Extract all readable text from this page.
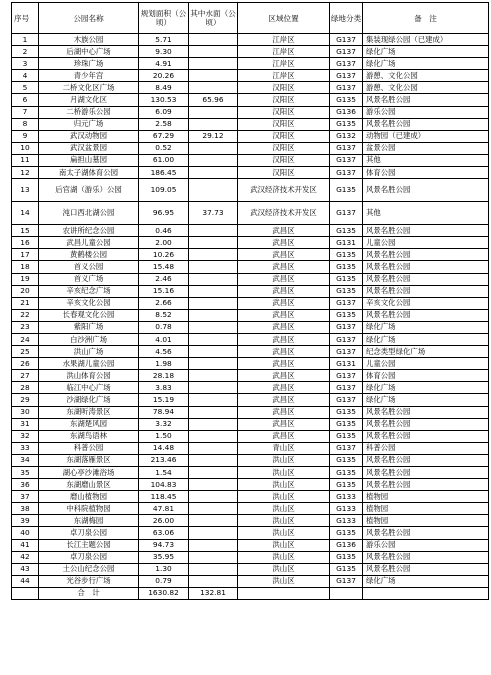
序号	公园名称	规划面积（公顷）	其中水面（公顷）	区域位置	绿地分类	备　注
1	木族公园	5.71		江岸区	G137	集装现绿公园（已建成）
2	后湖中心广场	9.30		江岸区	G137	绿化广场
3	珍珠广场	4.91		江岸区	G137	绿化广场
4	青少年宫	20.26		江岸区	G137	游憩、文化公园
5	二桥文化区广场	8.49		汉阳区	G137	游憩、文化公园
6	月湖文化区	130.53	65.96	汉阳区	G135	风景名胜公园
7	二桥游乐公园	6.09		汉阳区	G136	游乐公园
8	归元广场	2.58		汉阳区	G135	风景名胜公园
9	武汉动物园	67.29	29.12	汉阳区	G132	动物园（已建成）
10	武汉盆景园	0.52		汉阳区	G137	盆景公园
11	扁担山墓园	61.00		汉阳区	G137	其他
12	南太子湖体育公园	186.45		汉阳区	G137	体育公园
13	后官湖（游乐）公园	109.05		武汉经济技术开发区	G135	风景名胜公园
14	沌口西北湖公园	96.95	37.73	武汉经济技术开发区	G137	其他
15	农讲所纪念公园	0.46		武昌区	G135	风景名胜公园
16	武昌儿童公园	2.00		武昌区	G131	儿童公园
17	黄鹤楼公园	10.26		武昌区	G135	风景名胜公园
18	首义公园	15.48		武昌区	G135	风景名胜公园
19	首义广场	2.46		武昌区	G135	风景名胜公园
20	辛亥纪念广场	15.16		武昌区	G135	风景名胜公园
21	辛亥文化公园	2.66		武昌区	G137	辛亥文化公园
22	长春观文化公园	8.52		武昌区	G135	风景名胜公园
23	紫阳广场	0.78		武昌区	G137	绿化广场
24	白沙洲广场	4.01		武昌区	G137	绿化广场
25	洪山广场	4.56		武昌区	G137	纪念类型绿化广场
26	水果湖儿童公园	1.98		武昌区	G131	儿童公园
27	洪山体育公园	28.18		武昌区	G137	体育公园
28	临江中心广场	3.83		武昌区	G137	绿化广场
29	沙湖绿化广场	15.19		武昌区	G137	绿化广场
30	东湖听涛景区	78.94		武昌区	G135	风景名胜公园
31	东湖楚风园	3.32		武昌区	G135	风景名胜公园
32	东湖鸟语林	1.50		武昌区	G135	风景名胜公园
33	科普公园	14.48		青山区	G137	科普公园
34	东湖落雁景区	213.46		洪山区	G135	风景名胜公园
35	湖心亭沙滩浴场	1.54		洪山区	G135	风景名胜公园
36	东湖磨山景区	104.83		洪山区	G135	风景名胜公园
37	磨山植物园	118.45		洪山区	G133	植物园
38	中科院植物园	47.81		洪山区	G133	植物园
39	东湖梅园	26.00		洪山区	G133	植物园
40	卓刀泉公园	63.06		洪山区	G135	风景名胜公园
41	长江主题公园	94.73		洪山区	G136	游乐公园
42	卓刀泉公园	35.95		洪山区	G135	风景名胜公园
43	土公山纪念公园	1.30		洪山区	G135	风景名胜公园
44	光谷步行广场	0.79		洪山区	G137	绿化广场
	合　计	1630.82	132.81			
